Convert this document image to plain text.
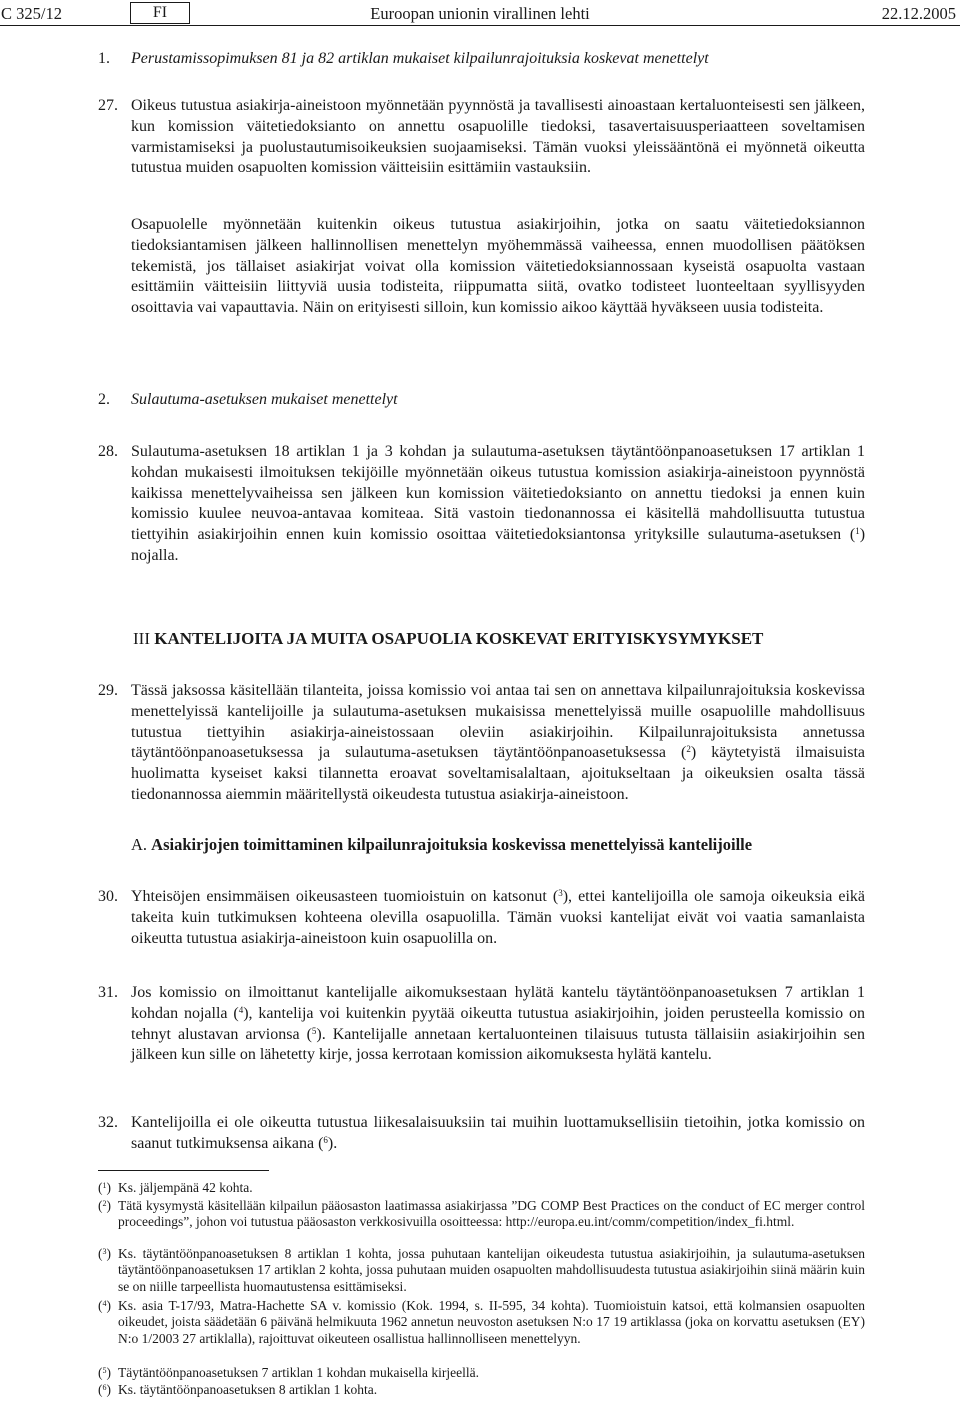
C 325/12	FI	Euroopan unionin virallinen lehti	22.12.2005
1. Perustamissopimuksen 81 ja 82 artiklan mukaiset kilpailunrajoituksia koskevat menettelyt
27. Oikeus tutustua asiakirja-aineistoon myönnetään pyynnöstä ja tavallisesti ainoastaan kertaluonteisesti sen jälkeen, kun komission väitetiedoksianto on annettu osapuolille tiedoksi, tasavertaisuusperiaatteen soveltamisen varmistamiseksi ja puolustautumisoikeuksien suojaamiseksi. Tämän vuoksi yleissääntönä ei myönnetä oikeutta tutustua muiden osapuolten komission väitteisiin esittämiin vastauksiin.
Osapuolelle myönnetään kuitenkin oikeus tutustua asiakirjoihin, jotka on saatu väitetiedoksiannon tiedoksiantamisen jälkeen hallinnollisen menettelyn myöhemmässä vaiheessa, ennen muodollisen päätöksen tekemistä, jos tällaiset asiakirjat voivat olla komission väitetiedoksiannossaan kyseistä osapuolta vastaan esittämiin väitteisiin liittyviä uusia todisteita, riippumatta siitä, ovatko todisteet luonteeltaan syyllisyyden osoittavia vai vapauttavia. Näin on erityisesti silloin, kun komissio aikoo käyttää hyväkseen uusia todisteita.
2. Sulautuma-asetuksen mukaiset menettelyt
28. Sulautuma-asetuksen 18 artiklan 1 ja 3 kohdan ja sulautuma-asetuksen täytäntöönpanoasetuksen 17 artiklan 1 kohdan mukaisesti ilmoituksen tekijöille myönnetään oikeus tutustua komission asiakirja-aineistoon pyynnöstä kaikissa menettelyvaiheissa sen jälkeen kun komission väitetiedoksianto on annettu tiedoksi ja ennen kuin komissio kuulee neuvoa-antavaa komiteaa. Sitä vastoin tiedonannossa ei käsitellä mahdollisuutta tutustua tiettyihin asiakirjoihin ennen kuin komissio osoittaa väitetiedoksiantonsa yrityksille sulautuma-asetuksen ($^1$) nojalla.
III KANTELIJOITA JA MUITA OSAPUOLIA KOSKEVAT ERITYISKYSYMYKSET
29. Tässä jaksossa käsitellään tilanteita, joissa komissio voi antaa tai sen on annettava kilpailunrajoituksia koskevissa menettelyissä kantelijoille ja sulautuma-asetuksen mukaisissa menettelyissä muille osapuolille mahdollisuus tutustua tiettyihin asiakirja-aineistossaan oleviin asiakirjoihin. Kilpailunrajoituksista annetussa täytäntöönpanoasetuksessa ja sulautuma-asetuksen täytäntöönpanoasetuksessa ($^2$) käytetyistä ilmaisuista huolimatta kyseiset kaksi tilannetta eroavat soveltamisalaltaan, ajoitukseltaan ja oikeuksien osalta tässä tiedonannossa aiemmin määritellystä oikeudesta tutustua asiakirja-aineistoon.
A. Asiakirjojen toimittaminen kilpailunrajoituksia koskevissa menettelyissä kantelijoille
30. Yhteisöjen ensimmäisen oikeusasteen tuomioistuin on katsonut ($^3$), ettei kantelijoilla ole samoja oikeuksia eikä takeita kuin tutkimuksen kohteena olevilla osapuolilla. Tämän vuoksi kantelijat eivät voi vaatia samanlaista oikeutta tutustua asiakirja-aineistoon kuin osapuolilla on.
31. Jos komissio on ilmoittanut kantelijalle aikomuksestaan hylätä kantelu täytäntöönpanoasetuksen 7 artiklan 1 kohdan nojalla ($^4$), kantelija voi kuitenkin pyytää oikeutta tutustua asiakirjoihin, joiden perusteella komissio on tehnyt alustavan arvionsa ($^5$). Kantelijalle annetaan kertaluonteinen tilaisuus tutusta tällaisiin asiakirjoihin sen jälkeen kun sille on lähetetty kirje, jossa kerrotaan komission aikomuksesta hylätä kantelu.
32. Kantelijoilla ei ole oikeutta tutustua liikesalaisuuksiin tai muihin luottamuksellisiin tietoihin, jotka komissio on saanut tutkimuksensa aikana ($^6$).
($^1$) Ks. jäljempänä 42 kohta.
($^2$) Tätä kysymystä käsitellään kilpailun pääosaston laatimassa asiakirjassa ”DG COMP Best Practices on the conduct of EC merger control proceedings”, johon voi tutustua pääosaston verkkosivuilla osoitteessa: http://europa.eu.int/comm/competition/index_fi.html.
($^3$) Ks. täytäntöönpanoasetuksen 8 artiklan 1 kohta, jossa puhutaan kantelijan oikeudesta tutustua asiakirjoihin, ja sulautuma-asetuksen täytäntöönpanoasetuksen 17 artiklan 2 kohta, jossa puhutaan muiden osapuolten mahdollisuudesta tutustua asiakirjoihin siinä määrin kuin se on niille tarpeellista huomautustensa esittämiseksi.
($^4$) Ks. asia T-17/93, Matra-Hachette SA v. komissio (Kok. 1994, s. II-595, 34 kohta). Tuomioistuin katsoi, että kolmansien osapuolten oikeudet, joista säädetään 6 päivänä helmikuuta 1962 annetun neuvoston asetuksen N:o 17 19 artiklassa (joka on korvattu asetuksen (EY) N:o 1/2003 27 artiklalla), rajoittuvat oikeuteen osallistua hallinnolliseen menettelyyn.
($^5$) Täytäntöönpanoasetuksen 7 artiklan 1 kohdan mukaisella kirjeellä.
($^6$) Ks. täytäntöönpanoasetuksen 8 artiklan 1 kohta.
